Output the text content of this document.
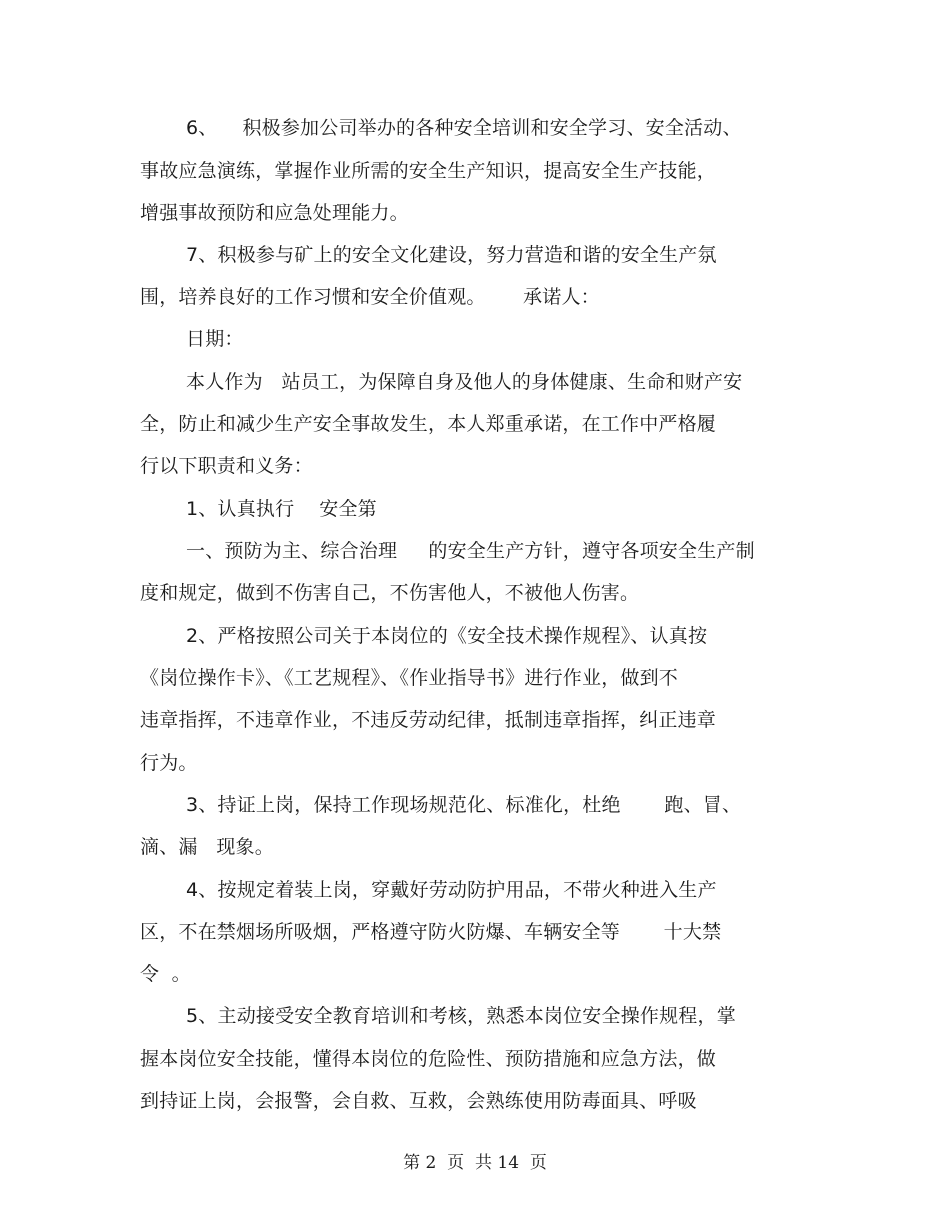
6、    积极参加公司举办的各种安全培训和安全学习、安全活动、
事故应急演练，掌握作业所需的安全生产知识，提高安全生产技能，
增强事故预防和应急处理能力。
7、积极参与矿上的安全文化建设，努力营造和谐的安全生产氛
围，培养良好的工作习惯和安全价值观。      承诺人：
日期：
本人作为   站员工，为保障自身及他人的身体健康、生命和财产安
全，防止和减少生产安全事故发生，本人郑重承诺，在工作中严格履
行以下职责和义务：
1、认真执行    安全第
一、预防为主、综合治理     的安全生产方针，遵守各项安全生产制
度和规定，做到不伤害自己，不伤害他人，不被他人伤害。
2、严格按照公司关于本岗位的《安全技术操作规程》、认真按
《岗位操作卡》、《工艺规程》、《作业指导书》进行作业，做到不
违章指挥，不违章作业，不违反劳动纪律，抵制违章指挥，纠正违章
行为。
3、持证上岗，保持工作现场规范化、标准化，杜绝       跑、冒、
滴、漏   现象。
4、按规定着装上岗，穿戴好劳动防护用品，不带火种进入生产
区，不在禁烟场所吸烟，严格遵守防火防爆、车辆安全等       十大禁
令  。
5、主动接受安全教育培训和考核，熟悉本岗位安全操作规程，掌
握本岗位安全技能，懂得本岗位的危险性、预防措施和应急方法，做
到持证上岗，会报警，会自救、互救，会熟练使用防毒面具、呼吸
第 2  页  共 14  页
